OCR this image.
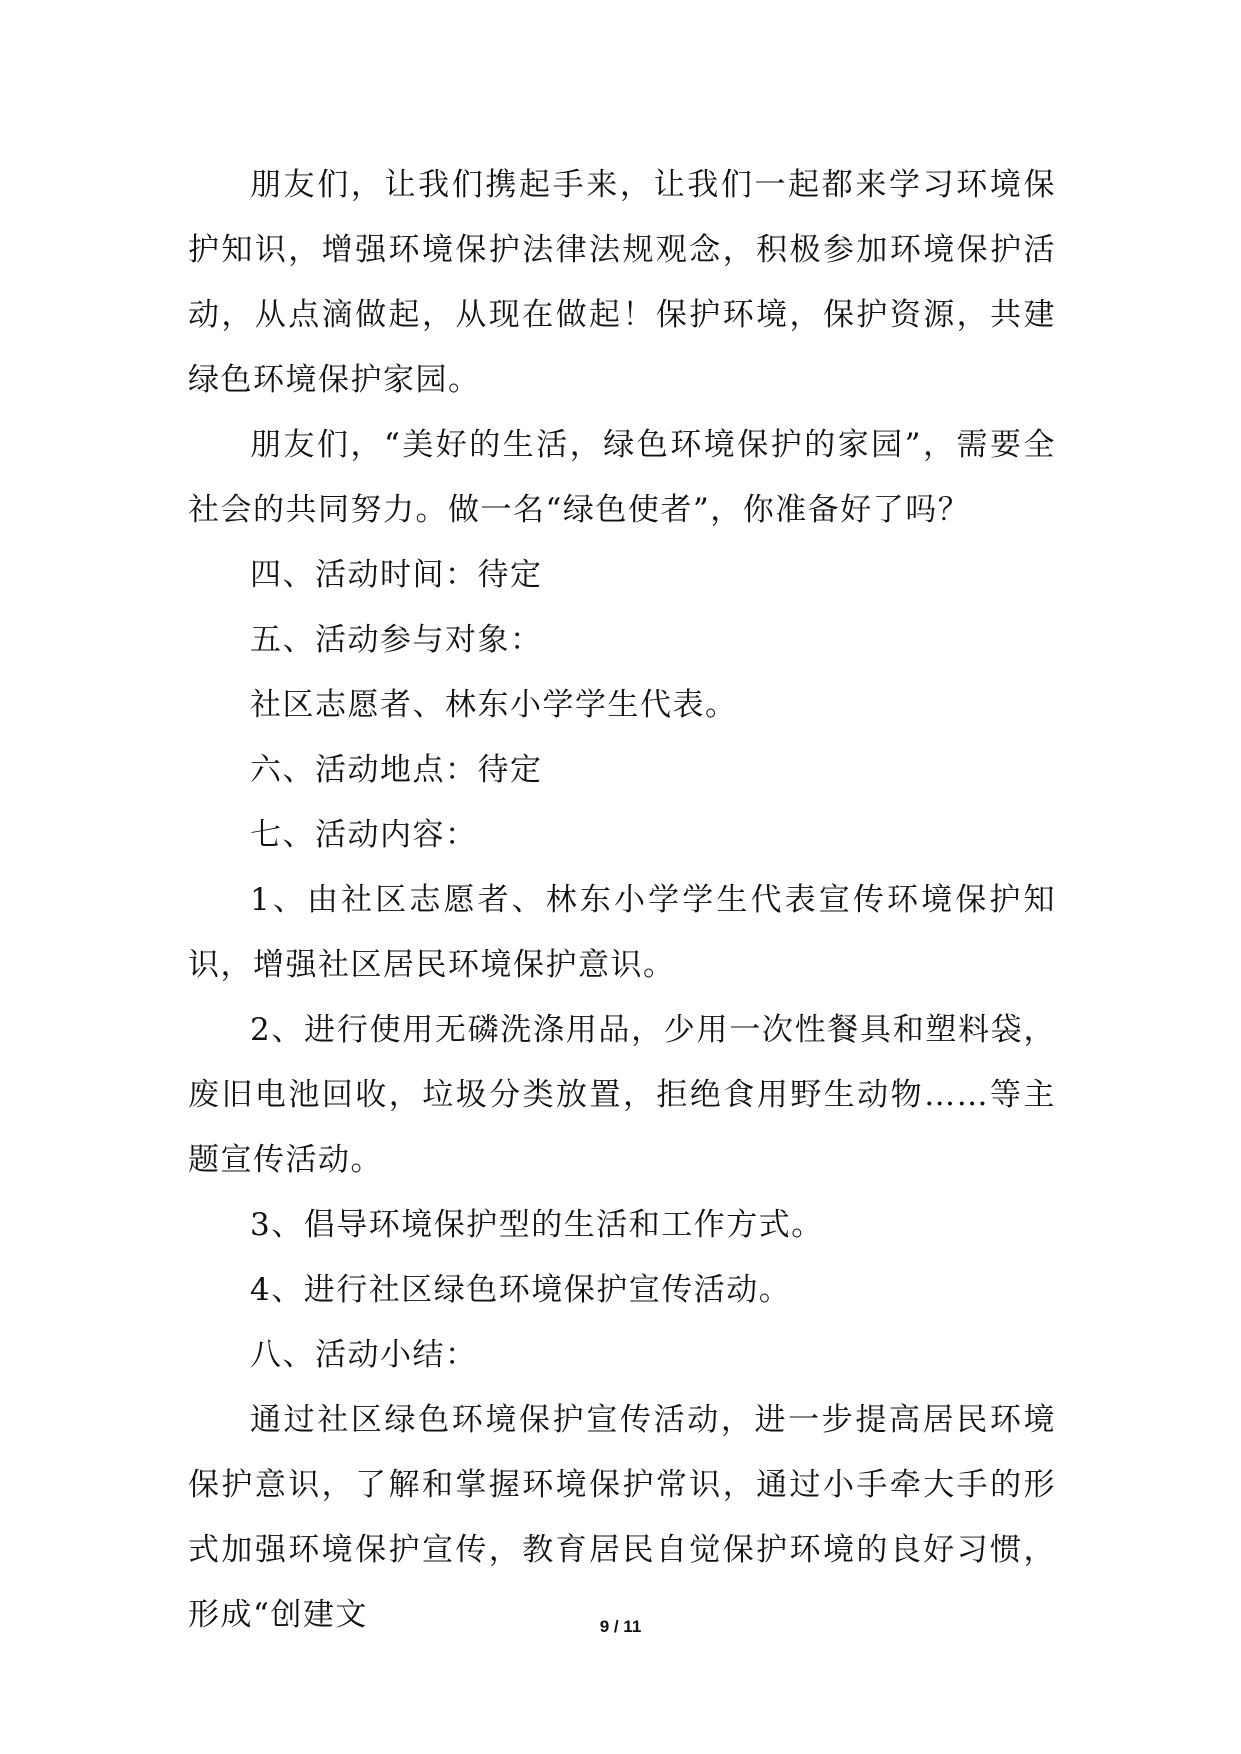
朋友们，让我们携起手来，让我们一起都来学习环境保护知识，增强环境保护法律法规观念，积极参加环境保护活动，从点滴做起，从现在做起！保护环境，保护资源，共建绿色环境保护家园。

朋友们，“美好的生活，绿色环境保护的家园”，需要全社会的共同努力。做一名“绿色使者”，你准备好了吗？

四、活动时间：待定

五、活动参与对象：

社区志愿者、林东小学学生代表。

六、活动地点：待定

七、活动内容：

1、由社区志愿者、林东小学学生代表宣传环境保护知识，增强社区居民环境保护意识。

2、进行使用无磷洗涤用品，少用一次性餐具和塑料袋，废旧电池回收，垃圾分类放置，拒绝食用野生动物……等主题宣传活动。

3、倡导环境保护型的生活和工作方式。

4、进行社区绿色环境保护宣传活动。

八、活动小结：

通过社区绿色环境保护宣传活动，进一步提高居民环境保护意识，了解和掌握环境保护常识，通过小手牵大手的形式加强环境保护宣传，教育居民自觉保护环境的良好习惯，形成“创建文	9 / 11
